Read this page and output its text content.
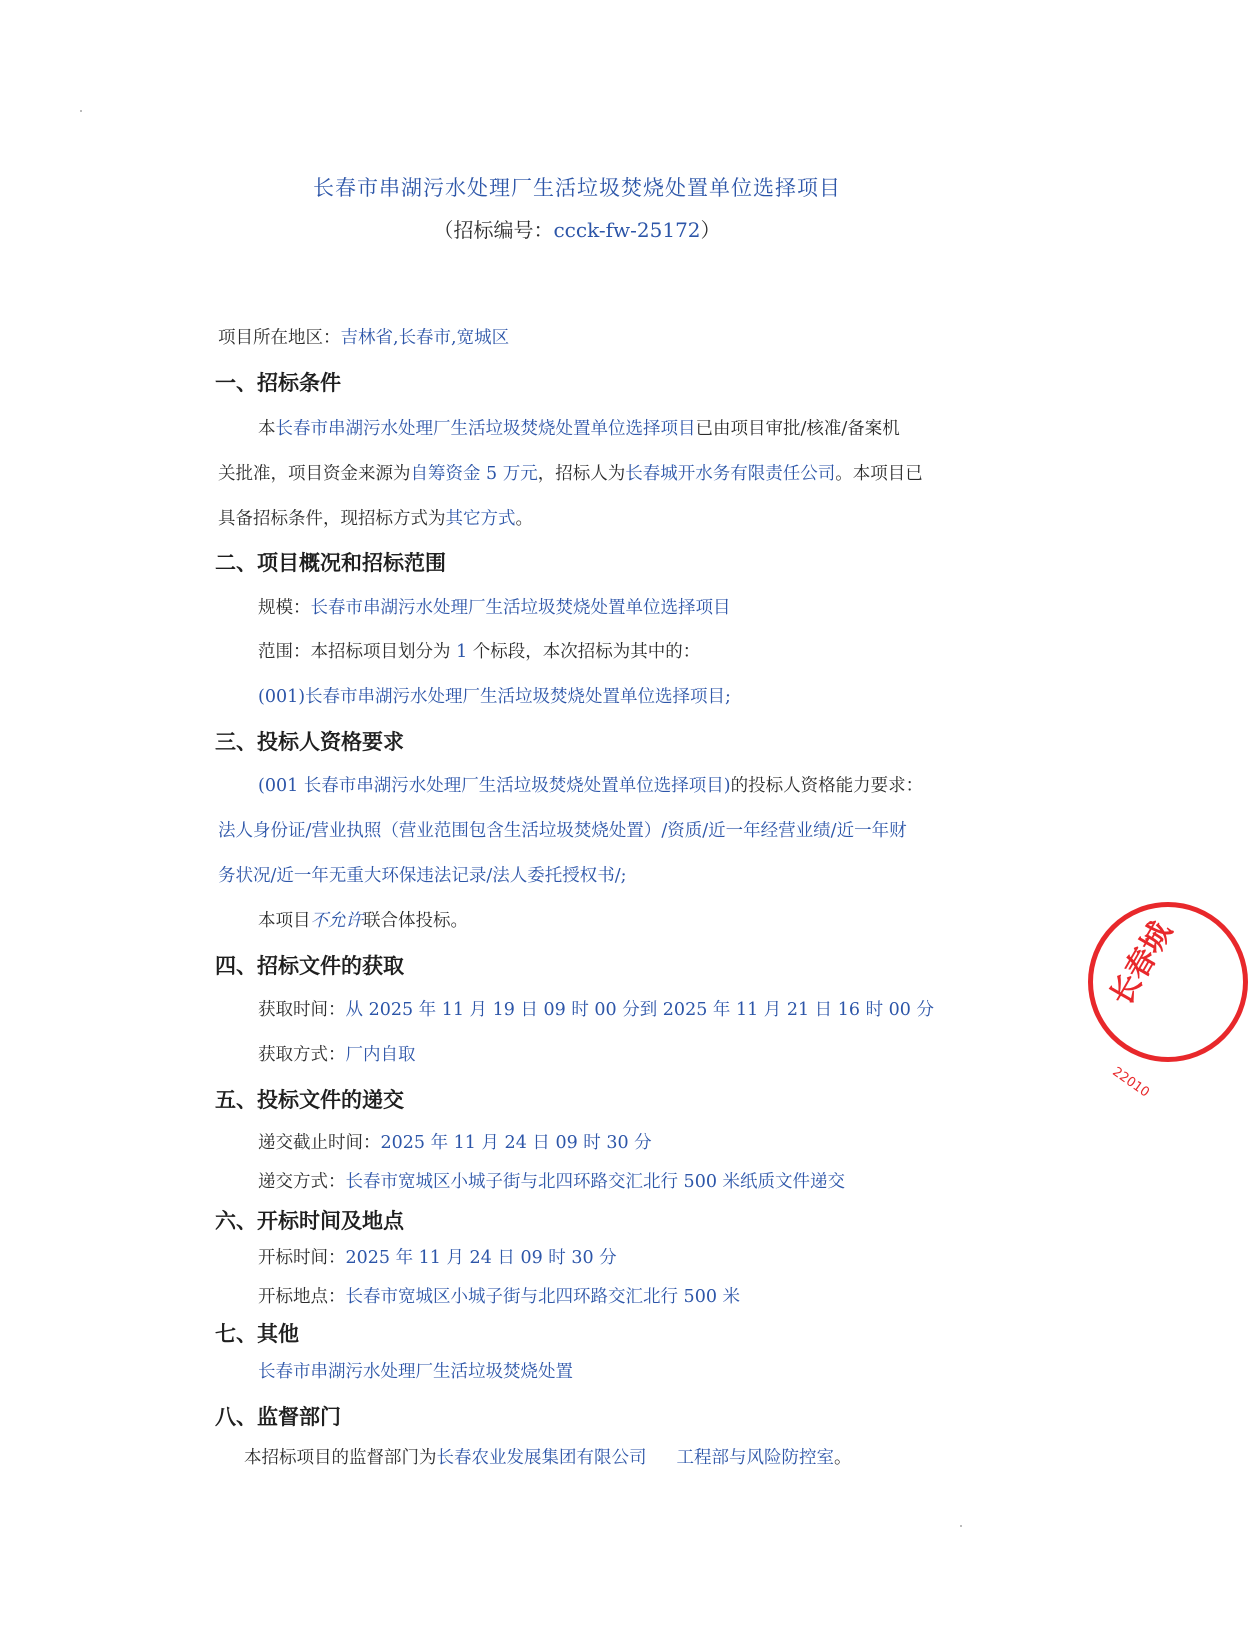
长春市串湖污水处理厂生活垃圾焚烧处置单位选择项目
（招标编号：ccck-fw-25172）
项目所在地区：吉林省,长春市,宽城区
一、招标条件
本长春市串湖污水处理厂生活垃圾焚烧处置单位选择项目已由项目审批/核准/备案机
关批准，项目资金来源为自筹资金 5 万元，招标人为长春城开水务有限责任公司。本项目已
具备招标条件，现招标方式为其它方式。
二、项目概况和招标范围
规模：长春市串湖污水处理厂生活垃圾焚烧处置单位选择项目
范围：本招标项目划分为 1 个标段，本次招标为其中的：
(001)长春市串湖污水处理厂生活垃圾焚烧处置单位选择项目;
三、投标人资格要求
(001 长春市串湖污水处理厂生活垃圾焚烧处置单位选择项目)的投标人资格能力要求：
法人身份证/营业执照（营业范围包含生活垃圾焚烧处置）/资质/近一年经营业绩/近一年财
务状况/近一年无重大环保违法记录/法人委托授权书/;
本项目不允许联合体投标。
四、招标文件的获取
获取时间：从 2025 年 11 月 19 日 09 时 00 分到 2025 年 11 月 21 日 16 时 00 分
获取方式：厂内自取
五、投标文件的递交
递交截止时间：2025 年 11 月 24 日 09 时 30 分
递交方式：长春市宽城区小城子街与北四环路交汇北行 500 米纸质文件递交
六、开标时间及地点
开标时间：2025 年 11 月 24 日 09 时 30 分
开标地点：长春市宽城区小城子街与北四环路交汇北行 500 米
七、其他
长春市串湖污水处理厂生活垃圾焚烧处置
八、监督部门
本招标项目的监督部门为长春农业发展集团有限公司 工程部与风险防控室。
长春城
22010
